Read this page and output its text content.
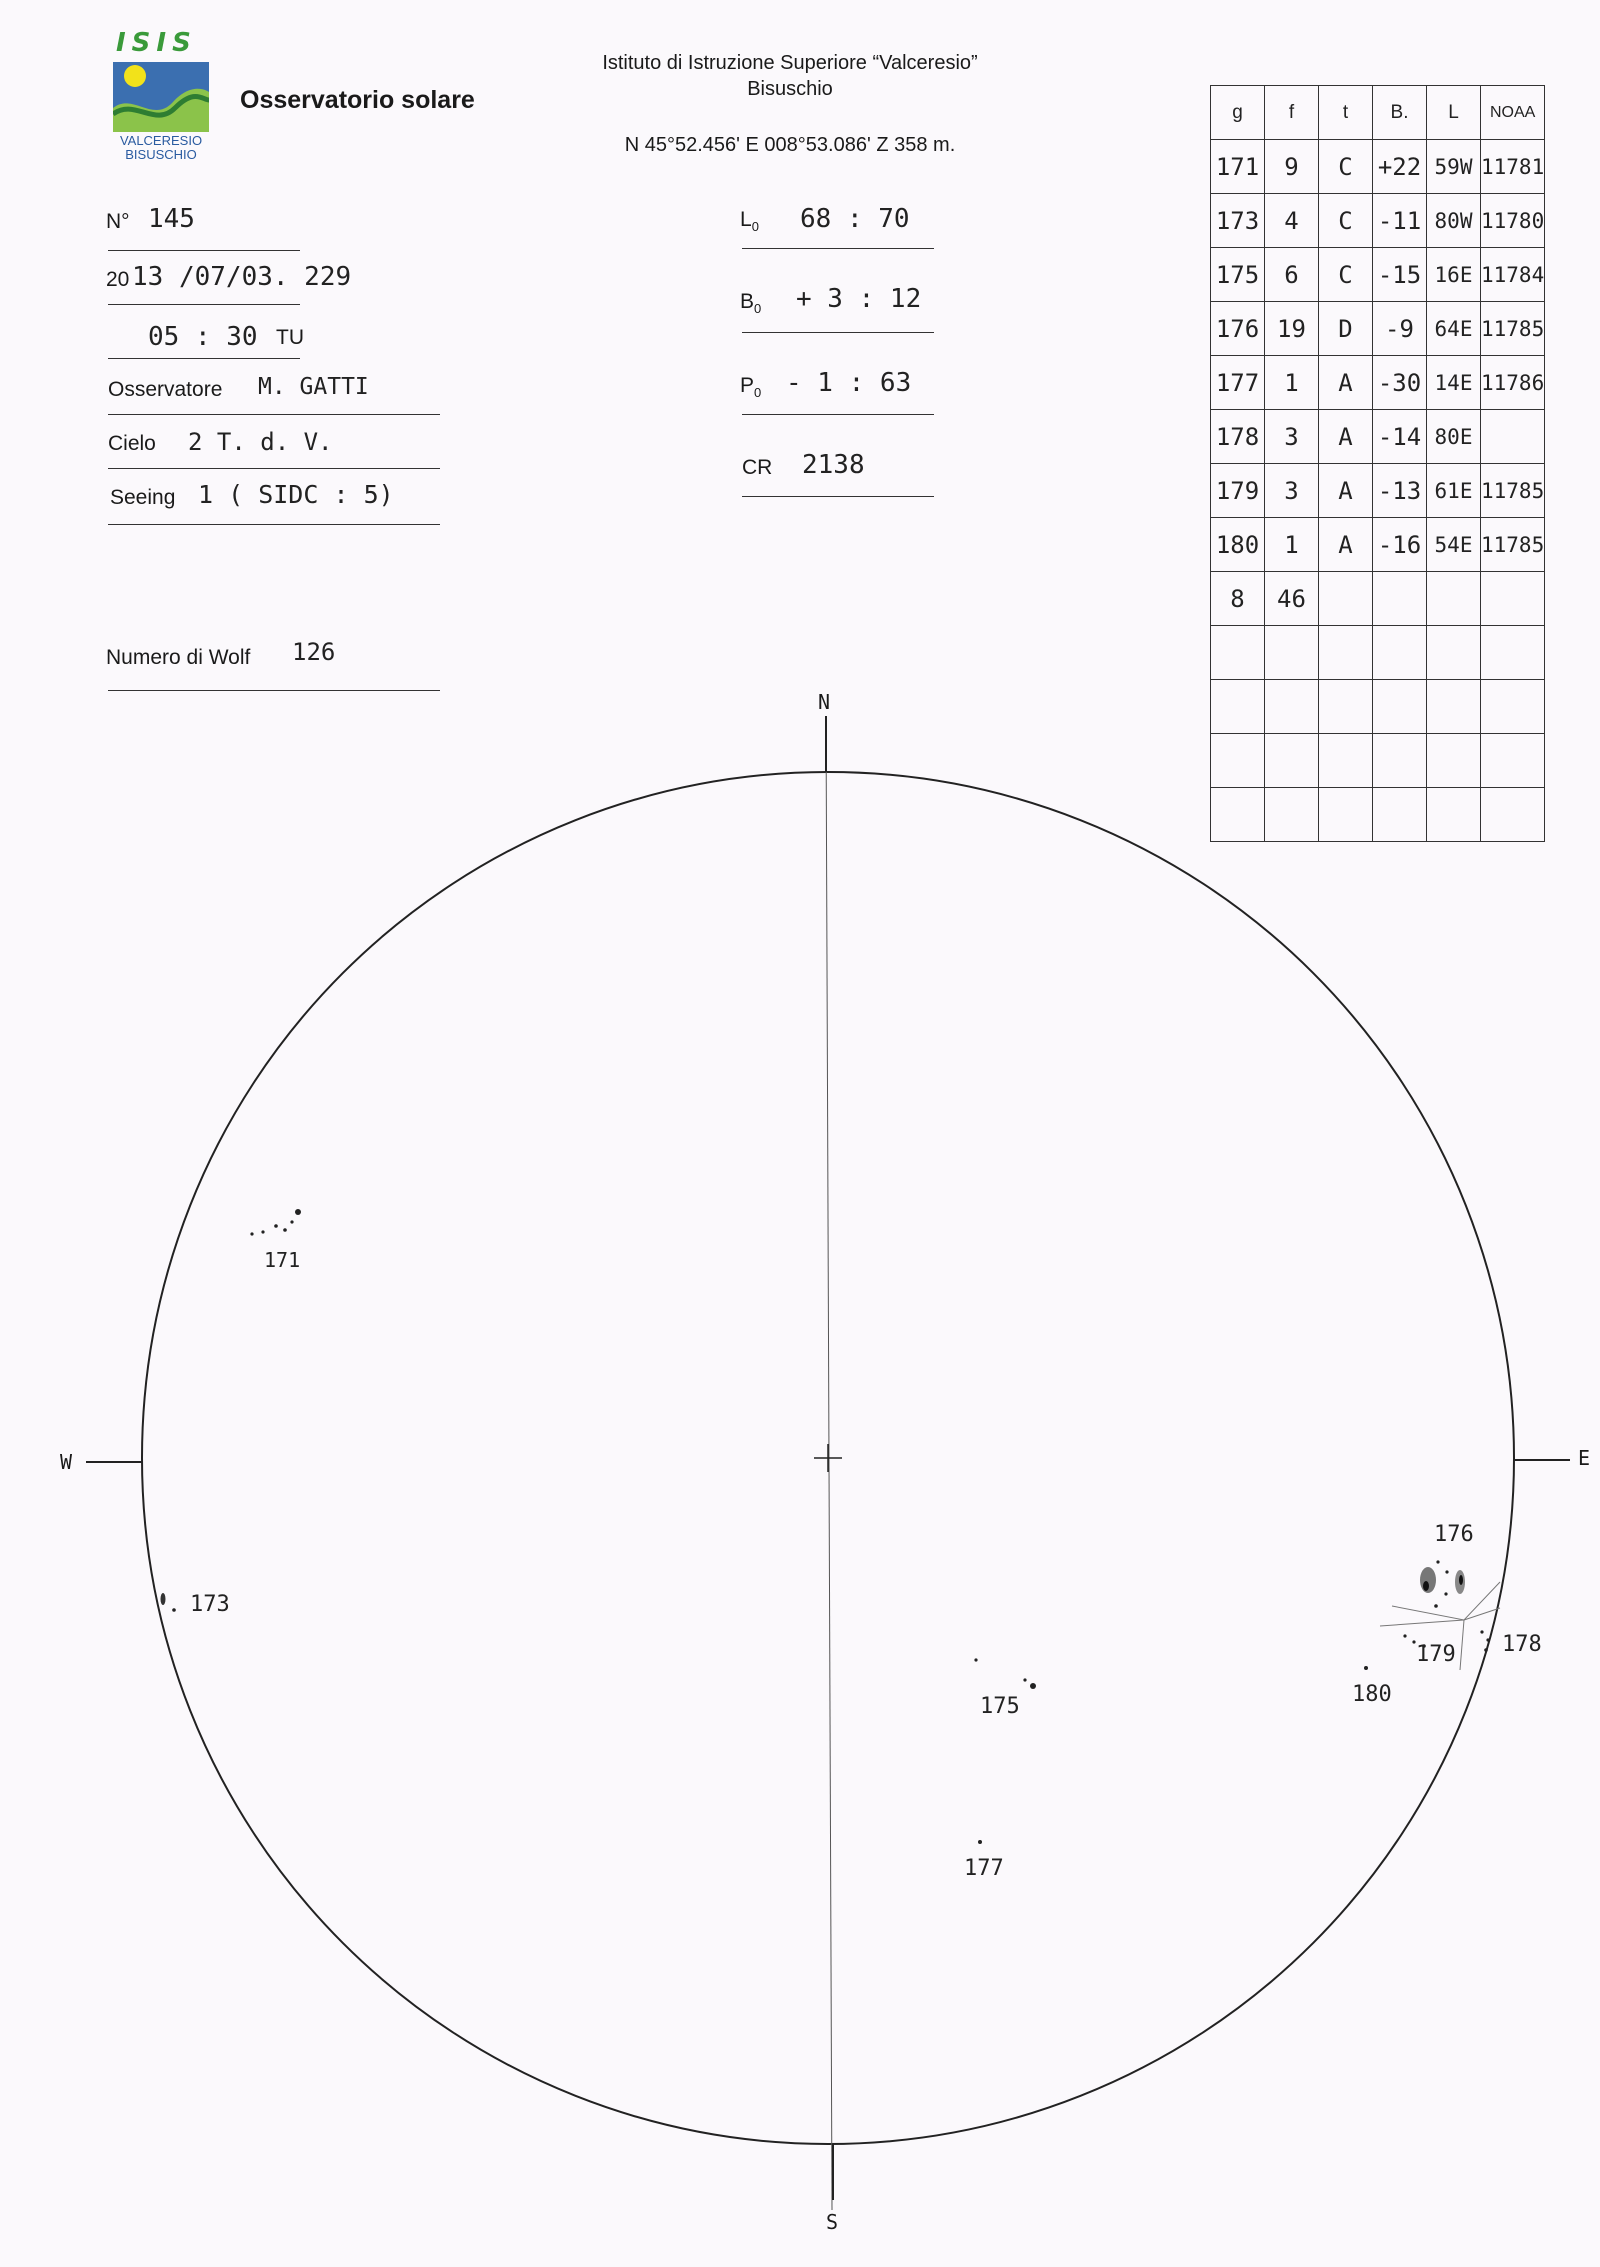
ISIS
VALCERESIO
BISUSCHIO
Osservatorio solare
Istituto di Istruzione Superiore “Valceresio”
Bisuschio
N 45°52.456' E 008°53.086' Z 358 m.
N° 145
20 13 /07/03. 229
05 : 30 TU
Osservatore M. GATTI
Cielo 2 T. d. V.
Seeing 1 ( SIDC : 5)
Numero di Wolf 126
$L_0$ 68 : 70
$B_0 + 3$ : 12
$P_0 - 1$ : 63
CR 2138
g	f	t	B.	L	NOAA
171	9	C	+22	59W	11781
173	4	C	-11	80W	11780
175	6	C	-15	16E	11784
176	19	D	-9	64E	11785
177	1	A	-30	14E	11786
178	3	A	-14	80E	
179	3	A	-13	61E	11785
180	1	A	-16	54E	11785
8	46				

N
S
W	E
171
173
175
176
177
178
179
180
